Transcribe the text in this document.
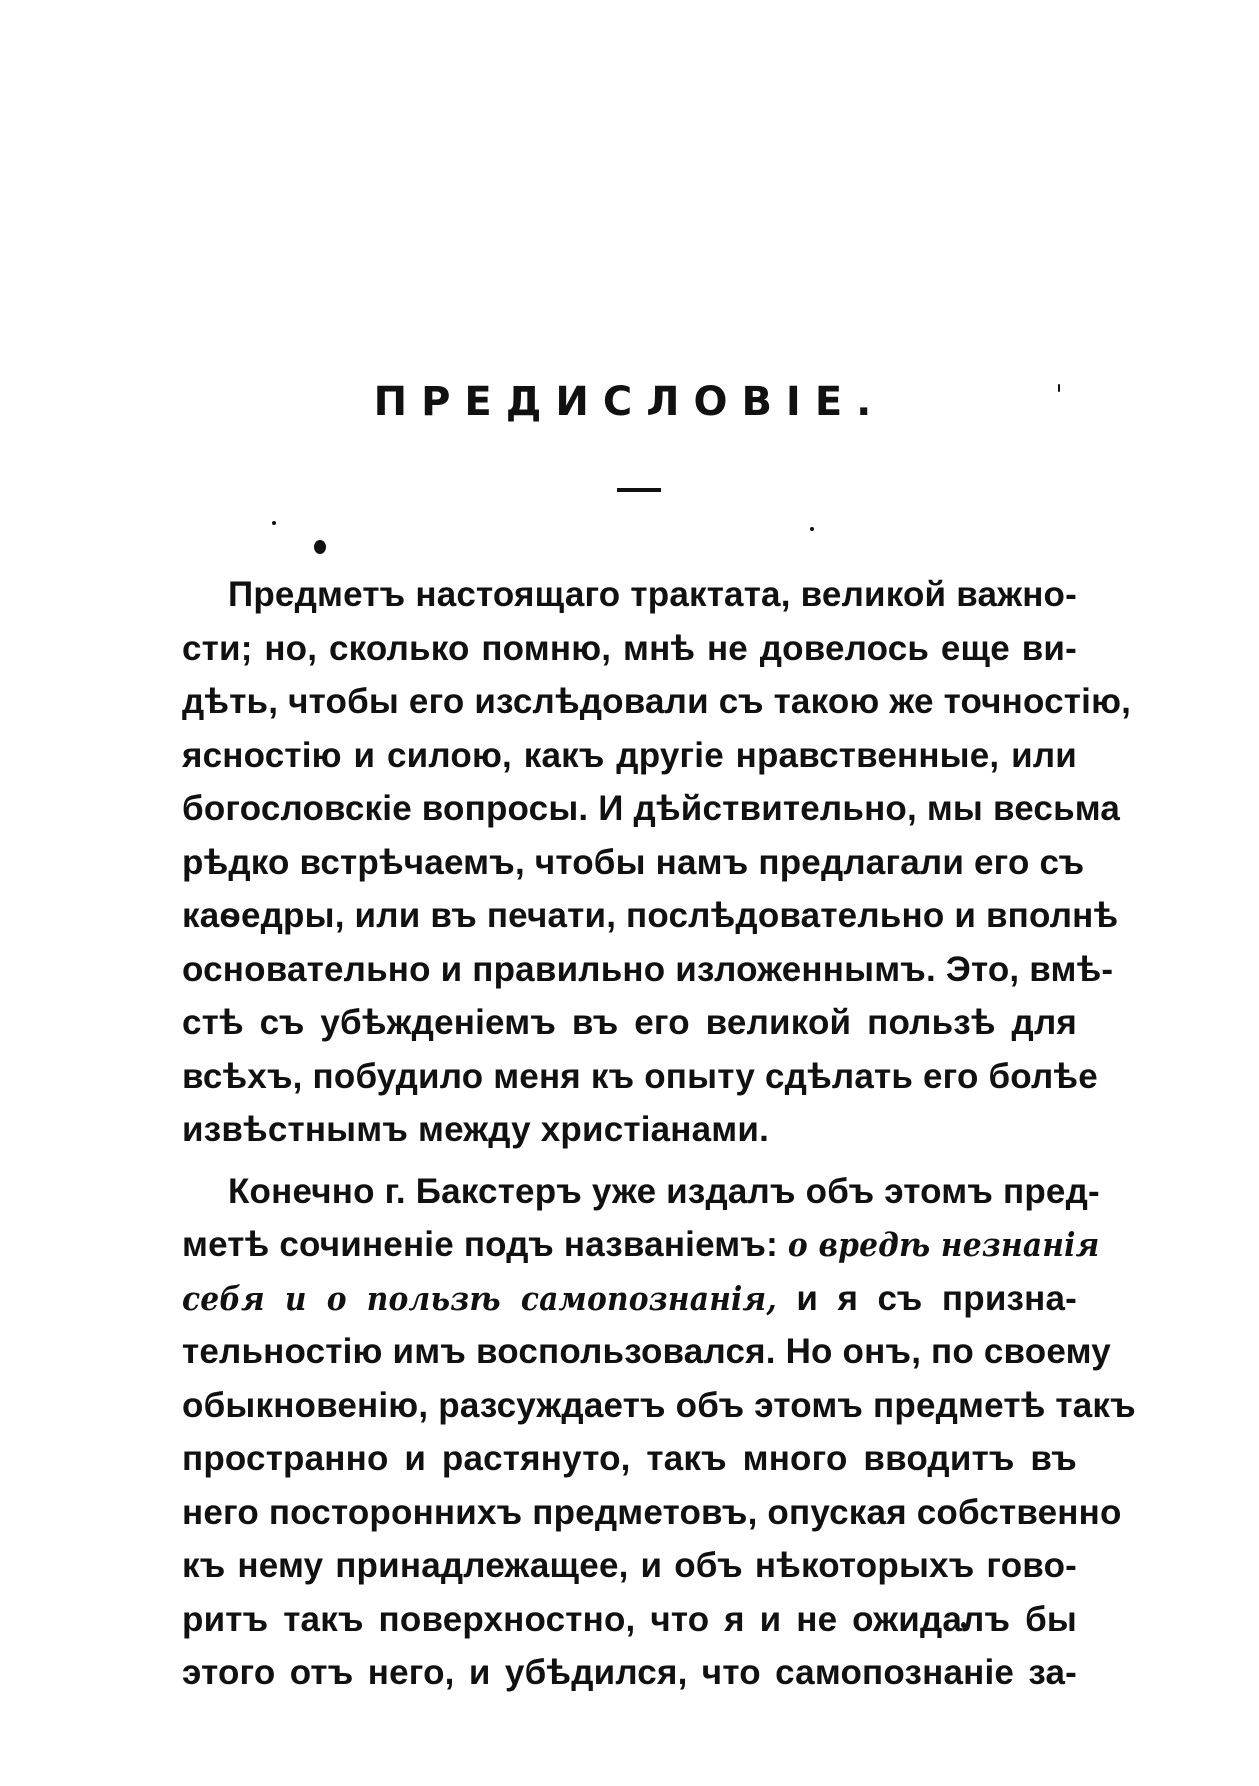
ПРЕДИСЛОВІЕ.
Предметъ настоящаго трактата, великой важно-
сти; но, сколько помню, мнѣ не довелось еще ви-
дѣть, чтобы его изслѣдовали съ такою же точностію,
ясностію и силою, какъ другіе нравственные, или
богословскіе вопросы. И дѣйствительно, мы весьма
рѣдко встрѣчаемъ, чтобы намъ предлагали его съ
каѳедры, или въ печати, послѣдовательно и вполнѣ
основательно и правильно изложеннымъ. Это, вмѣ-
стѣ съ убѣжденіемъ въ его великой пользѣ для
всѣхъ, побудило меня къ опыту сдѣлать его болѣе
извѣстнымъ между христіанами.
Конечно г. Бакстеръ уже издалъ объ этомъ пред-
метѣ сочиненіе подъ названіемъ: о вредѣ незнанія
себя и о пользѣ самопознанія, и я съ призна-
тельностію имъ воспользовался. Но онъ, по своему
обыкновенію, разсуждаетъ объ этомъ предметѣ такъ
пространно и растянуто, такъ много вводитъ въ
него постороннихъ предметовъ, опуская собственно
къ нему принадлежащее, и объ нѣкоторыхъ гово-
ритъ такъ поверхностно, что я и не ожидалъ бы
этого отъ него, и убѣдился, что самопознаніе за-
